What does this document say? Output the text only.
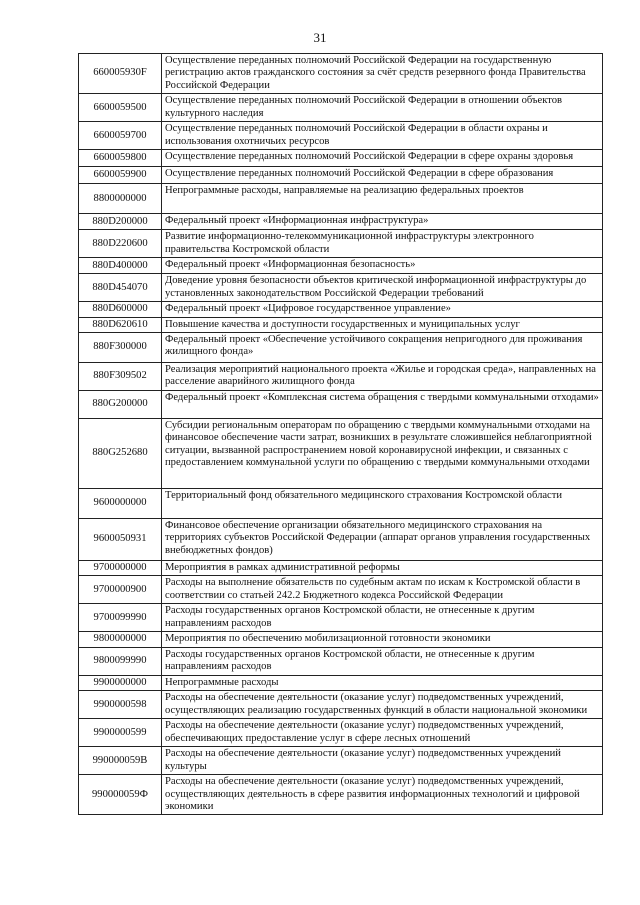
31
660005930F	Осуществление переданных полномочий Российской Федерации на государственную регистрацию актов гражданского состояния за счёт средств резервного фонда Правительства Российской Федерации
6600059500	Осуществление переданных полномочий Российской Федерации в отношении объектов культурного наследия
6600059700	Осуществление переданных полномочий Российской Федерации в области охраны и использования охотничьих ресурсов
6600059800	Осуществление переданных полномочий Российской Федерации в сфере охраны здоровья
6600059900	Осуществление переданных полномочий Российской Федерации в сфере образования
8800000000	Непрограммные расходы, направляемые на реализацию федеральных проектов
880D200000	Федеральный проект «Информационная инфраструктура»
880D220600	Развитие информационно-телекоммуникационной инфраструктуры электронного правительства Костромской области
880D400000	Федеральный проект «Информационная безопасность»
880D454070	Доведение уровня безопасности объектов критической информационной инфраструктуры до установленных законодательством Российской Федерации требований
880D600000	Федеральный проект «Цифровое государственное управление»
880D620610	Повышение качества и доступности государственных и муниципальных услуг
880F300000	Федеральный проект «Обеспечение устойчивого сокращения непригодного для проживания жилищного фонда»
880F309502	Реализация мероприятий национального проекта «Жилье и городская среда», направленных на расселение аварийного жилищного фонда
880G200000	Федеральный проект «Комплексная система обращения с твердыми коммунальными отходами»
880G252680	Субсидии региональным операторам по обращению с твердыми коммунальными отходами на финансовое обеспечение части затрат, возникших в результате сложившейся неблагоприятной ситуации, вызванной распространением новой коронавирусной инфекции, и связанных с предоставлением коммунальной услуги по обращению с твердыми коммунальными отходами
9600000000	Территориальный фонд обязательного медицинского страхования Костромской области
9600050931	Финансовое обеспечение организации обязательного медицинского страхования на территориях субъектов Российской Федерации (аппарат органов управления государственных внебюджетных фондов)
9700000000	Мероприятия в рамках административной реформы
9700000900	Расходы на выполнение обязательств по судебным актам по искам к Костромской области в соответствии со статьей 242.2 Бюджетного кодекса Российской Федерации
9700099990	Расходы государственных органов Костромской области, не отнесенные к другим направлениям расходов
9800000000	Мероприятия по обеспечению мобилизационной готовности экономики
9800099990	Расходы государственных органов Костромской области, не отнесенные к другим направлениям расходов
9900000000	Непрограммные расходы
9900000598	Расходы на обеспечение деятельности (оказание услуг) подведомственных учреждений, осуществляющих реализацию государственных функций в области национальной экономики
9900000599	Расходы на обеспечение деятельности (оказание услуг) подведомственных учреждений, обеспечивающих предоставление услуг в сфере лесных отношений
990000059В	Расходы на обеспечение деятельности (оказание услуг) подведомственных учреждений культуры
990000059Ф	Расходы на обеспечение деятельности (оказание услуг) подведомственных учреждений, осуществляющих деятельность в сфере развития информационных технологий и цифровой экономики
